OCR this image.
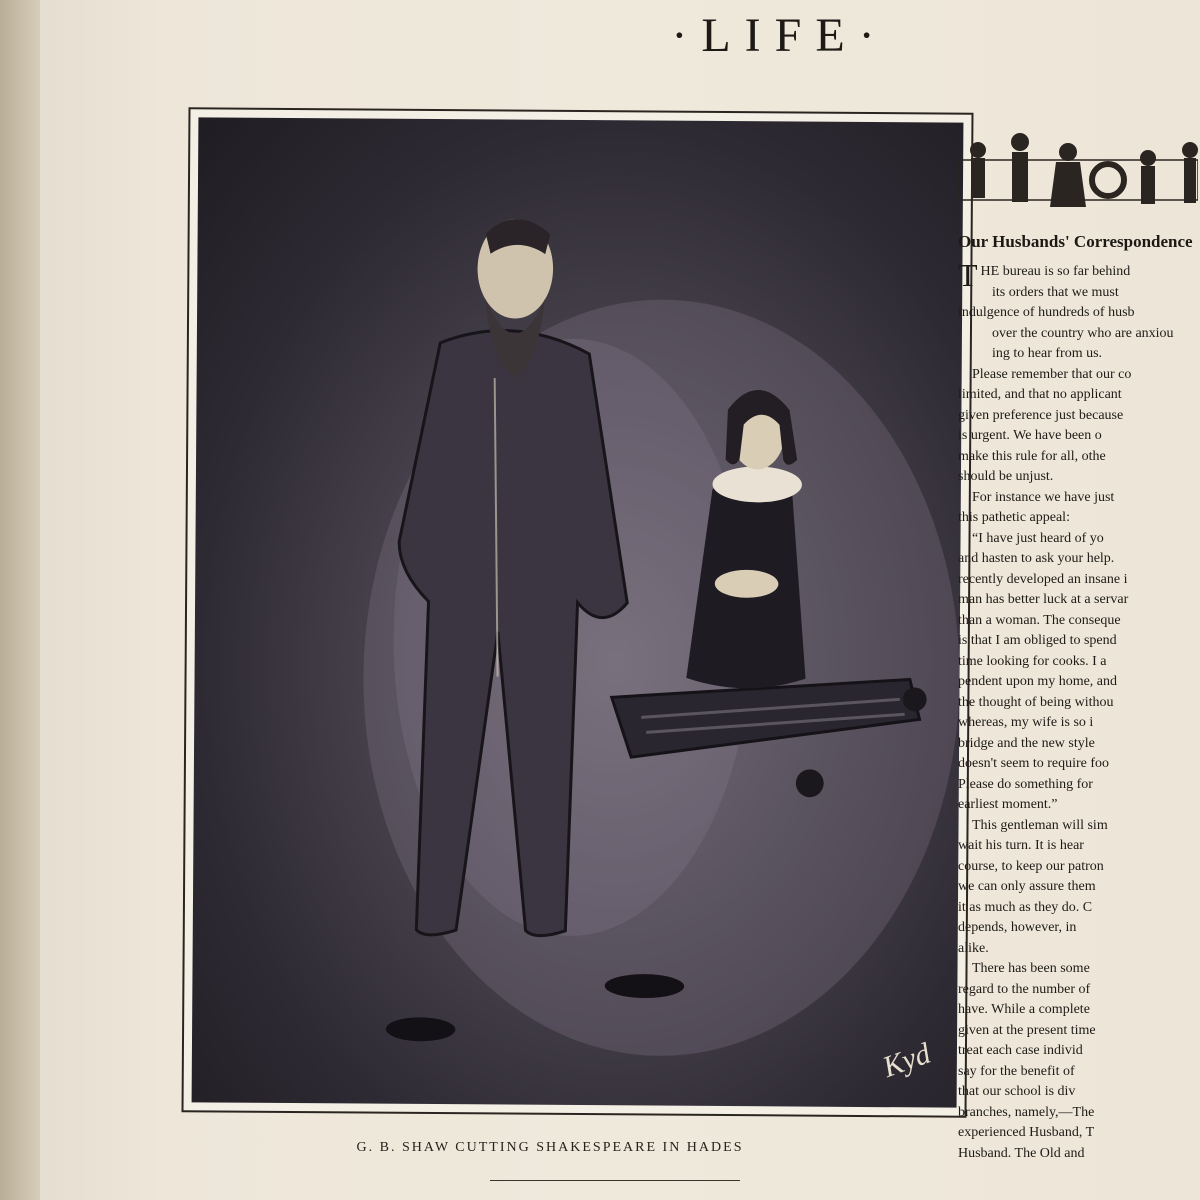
·LIFE·
Kyd
G. B. SHAW CUTTING SHAKESPEARE IN HADES
Our Husbands' Correspondence

THE bureau is so far behind

its orders that we must

indulgence of hundreds of husb

over the country who are anxiou

ing to hear from us.

Please remember that our co

limited, and that no applicant

given preference just because

is urgent. We have been o

make this rule for all, othe

should be unjust.

For instance we have just

this pathetic appeal:

“I have just heard of yo

and hasten to ask your help.

recently developed an insane i

man has better luck at a servar

than a woman. The conseque

is that I am obliged to spend

time looking for cooks. I a

pendent upon my home, and

the thought of being withou

whereas, my wife is so i

bridge and the new style

doesn't seem to require foo

Please do something for

earliest moment.”

This gentleman will sim

wait his turn. It is hear

course, to keep our patron

we can only assure them

it as much as they do. C

depends, however, in

alike.

There has been some

regard to the number of

have. While a complete

given at the present time

treat each case individ

say for the benefit of

that our school is div

branches, namely,—The

experienced Husband, T

Husband. The Old and
